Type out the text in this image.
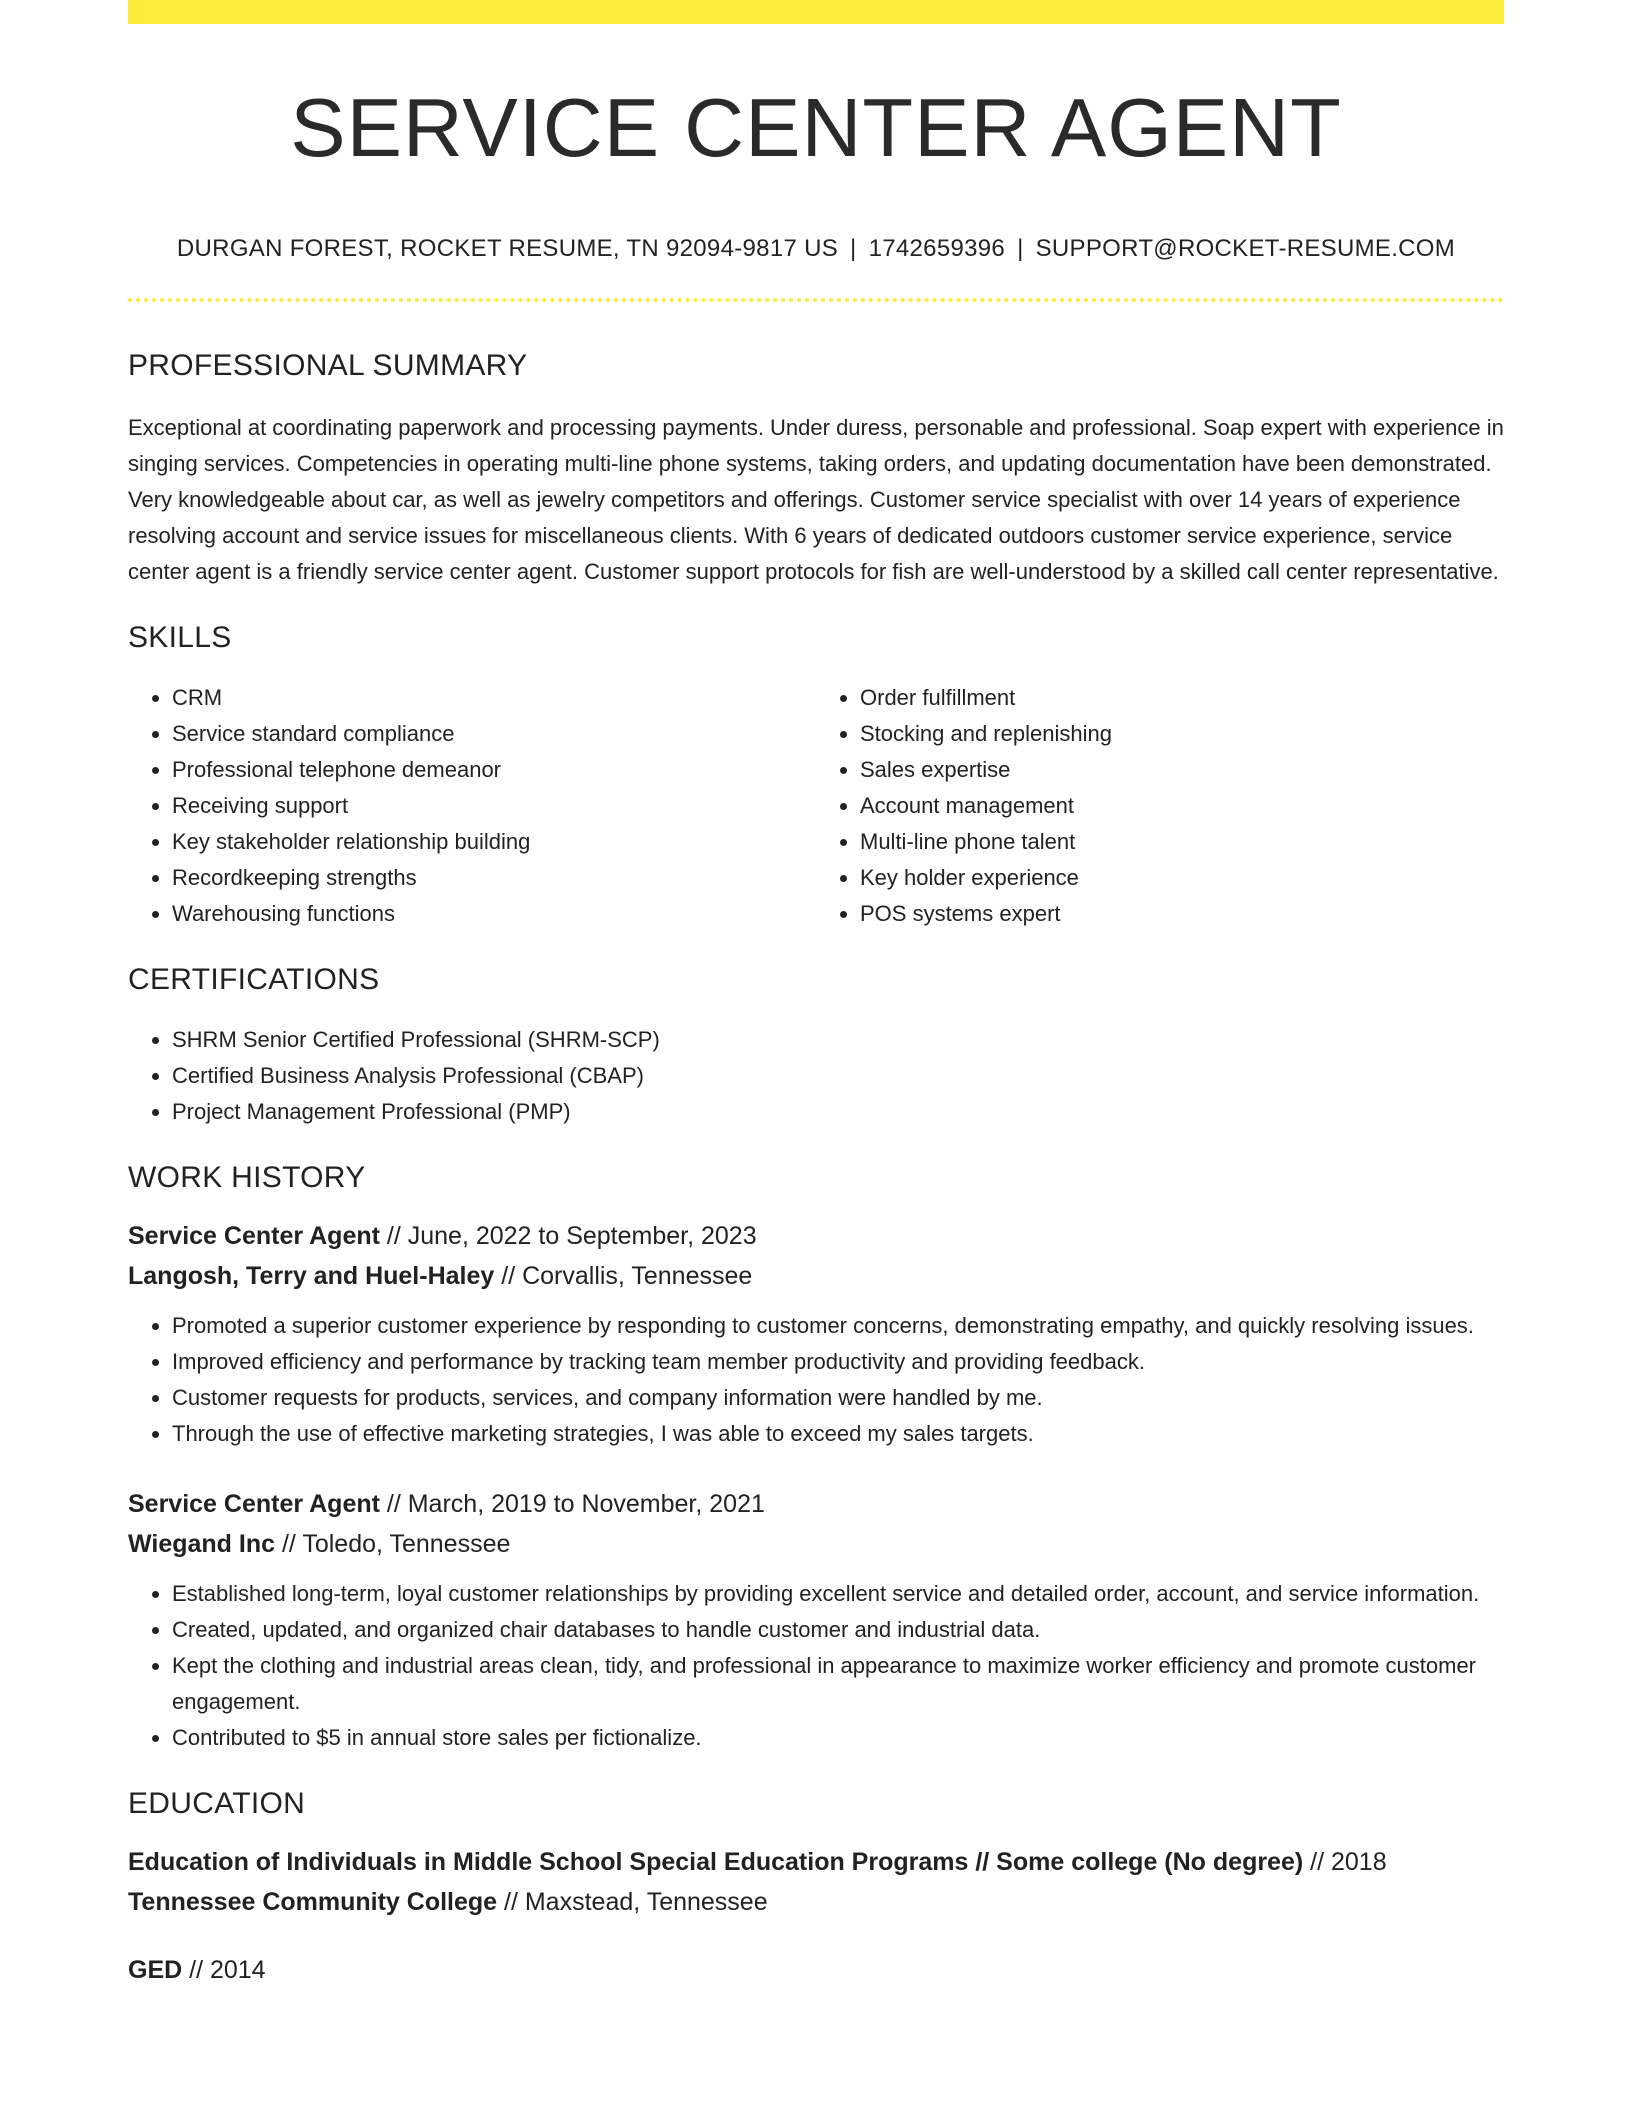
SERVICE CENTER AGENT
DURGAN FOREST, ROCKET RESUME, TN 92094-9817 US | 1742659396 | SUPPORT@ROCKET-RESUME.COM
PROFESSIONAL SUMMARY
Exceptional at coordinating paperwork and processing payments. Under duress, personable and professional. Soap expert with experience in singing services. Competencies in operating multi-line phone systems, taking orders, and updating documentation have been demonstrated. Very knowledgeable about car, as well as jewelry competitors and offerings. Customer service specialist with over 14 years of experience resolving account and service issues for miscellaneous clients. With 6 years of dedicated outdoors customer service experience, service center agent is a friendly service center agent. Customer support protocols for fish are well-understood by a skilled call center representative.
SKILLS
• CRM
• Service standard compliance
• Professional telephone demeanor
• Receiving support
• Key stakeholder relationship building
• Recordkeeping strengths
• Warehousing functions
• Order fulfillment
• Stocking and replenishing
• Sales expertise
• Account management
• Multi-line phone talent
• Key holder experience
• POS systems expert
CERTIFICATIONS
• SHRM Senior Certified Professional (SHRM-SCP)
• Certified Business Analysis Professional (CBAP)
• Project Management Professional (PMP)
WORK HISTORY
Service Center Agent // June, 2022 to September, 2023
Langosh, Terry and Huel-Haley // Corvallis, Tennessee
• Promoted a superior customer experience by responding to customer concerns, demonstrating empathy, and quickly resolving issues.
• Improved efficiency and performance by tracking team member productivity and providing feedback.
• Customer requests for products, services, and company information were handled by me.
• Through the use of effective marketing strategies, I was able to exceed my sales targets.
Service Center Agent // March, 2019 to November, 2021
Wiegand Inc // Toledo, Tennessee
• Established long-term, loyal customer relationships by providing excellent service and detailed order, account, and service information.
• Created, updated, and organized chair databases to handle customer and industrial data.
• Kept the clothing and industrial areas clean, tidy, and professional in appearance to maximize worker efficiency and promote customer engagement.
• Contributed to $5 in annual store sales per fictionalize.
EDUCATION
Education of Individuals in Middle School Special Education Programs // Some college (No degree) // 2018
Tennessee Community College // Maxstead, Tennessee
GED // 2014
